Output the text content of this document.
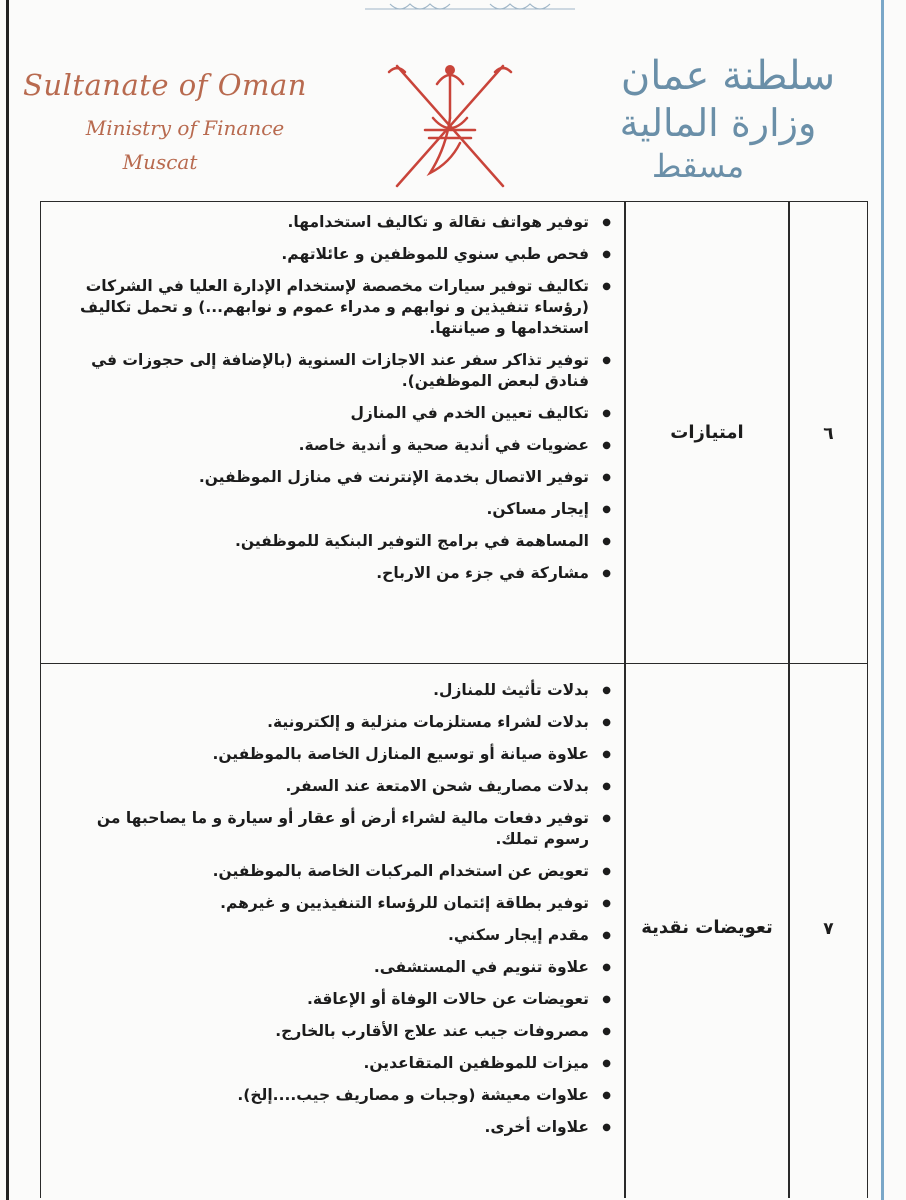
Sultanate of Oman
Ministry of Finance
Muscat
سلطنة عمان
وزارة المالية
مسقط
٦
امتيازات
● توفير هواتف نقالة و تكاليف استخدامها.
● فحص طبي سنوي للموظفين و عائلاتهم.
● تكاليف توفير سيارات مخصصة لإستخدام الإدارة العليا في الشركات (رؤساء تنفيذين و نوابهم و مدراء عموم و نوابهم...) و تحمل تكاليف استخدامها و صيانتها.
● توفير تذاكر سفر عند الاجازات السنوية (بالإضافة إلى حجوزات في فنادق لبعض الموظفين).
● تكاليف تعيين الخدم في المنازل
● عضويات في أندية صحية و أندية خاصة.
● توفير الاتصال بخدمة الإنترنت في منازل الموظفين.
● إيجار مساكن.
● المساهمة في برامج التوفير البنكية للموظفين.
● مشاركة في جزء من الارباح.
٧
تعويضات نقدية
● بدلات تأثيث للمنازل.
● بدلات لشراء مستلزمات منزلية و إلكترونية.
● علاوة صيانة أو توسيع المنازل الخاصة بالموظفين.
● بدلات مصاريف شحن الامتعة عند السفر.
● توفير دفعات مالية لشراء أرض أو عقار أو سيارة و ما يصاحبها من رسوم تملك.
● تعويض عن استخدام المركبات الخاصة بالموظفين.
● توفير بطاقة إئتمان للرؤساء التنفيذيين و غيرهم.
● مقدم إيجار سكني.
● علاوة تنويم في المستشفى.
● تعويضات عن حالات الوفاة أو الإعاقة.
● مصروفات جيب عند علاج الأقارب بالخارج.
● ميزات للموظفين المتقاعدين.
● علاوات معيشة (وجبات و مصاريف جيب....إلخ).
● علاوات أخرى.
